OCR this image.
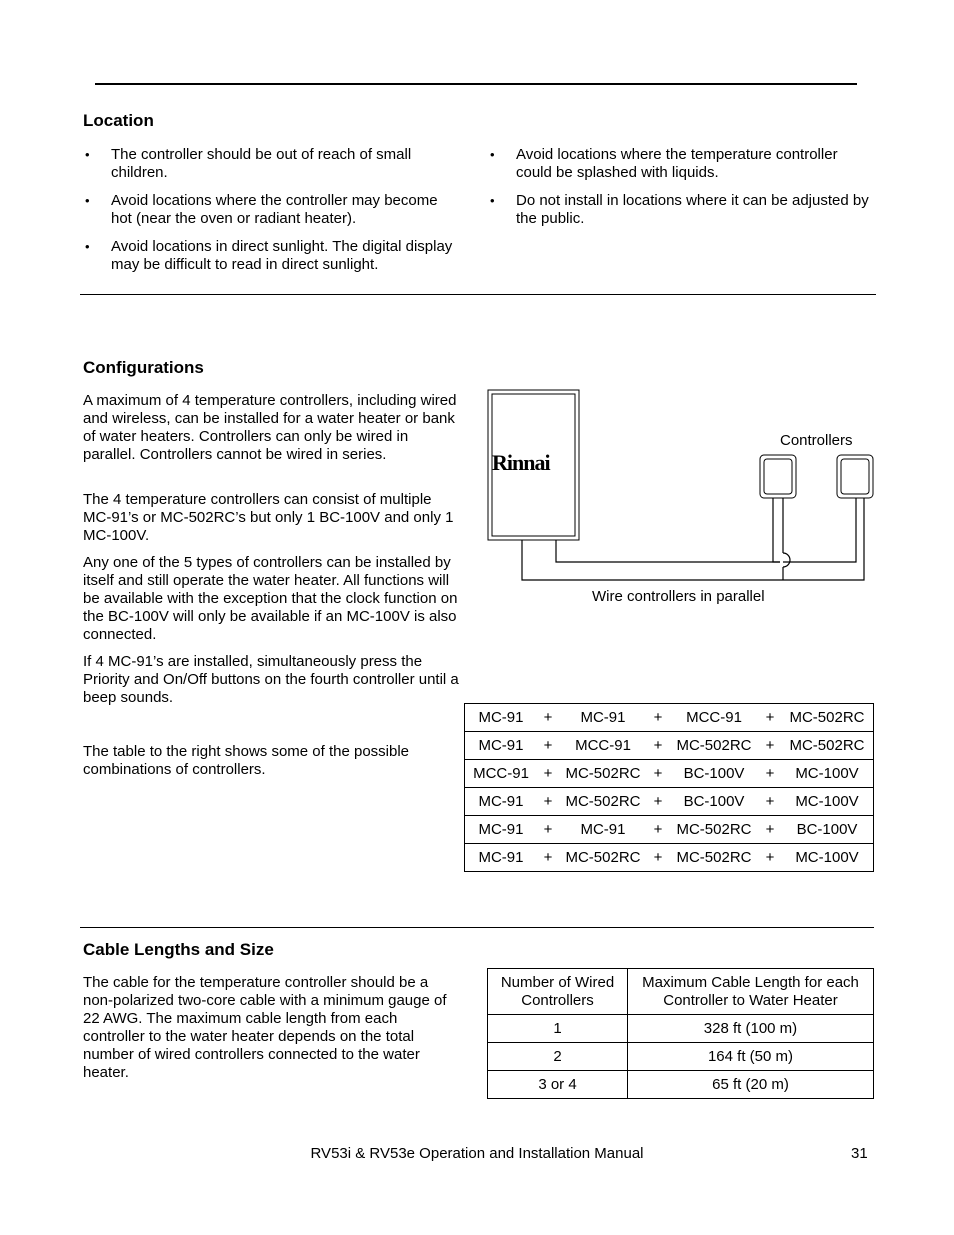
Location
• The controller should be out of reach of small children.
• Avoid locations where the controller may become hot (near the oven or radiant heater).
• Avoid locations in direct sunlight. The digital display may be difficult to read in direct sunlight.
• Avoid locations where the temperature controller could be splashed with liquids.
• Do not install in locations where it can be adjusted by the public.
Configurations

A maximum of 4 temperature controllers, including wired and wireless, can be installed for a water heater or bank of water heaters. Controllers can only be wired in parallel. Controllers cannot be wired in series.

The 4 temperature controllers can consist of multiple MC-91’s or MC-502RC’s but only 1 BC-100V and only 1 MC-100V.

Any one of the 5 types of controllers can be installed by itself and still operate the water heater. All functions will be available with the exception that the clock function on the BC-100V will only be available if an MC-100V is also connected.

If 4 MC-91’s are installed, simultaneously press the Priority and On/Off buttons on the fourth controller until a beep sounds.

The table to the right shows some of the possible combinations of controllers.

Rinnai
Controllers
Wire controllers in parallel
MC-91	+	MC-91	+	MCC-91	+	MC-502RC
MC-91	+	MCC-91	+	MC-502RC	+	MC-502RC
MCC-91	+	MC-502RC	+	BC-100V	+	MC-100V
MC-91	+	MC-502RC	+	BC-100V	+	MC-100V
MC-91	+	MC-91	+	MC-502RC	+	BC-100V
MC-91	+	MC-502RC	+	MC-502RC	+	MC-100V
Cable Lengths and Size

The cable for the temperature controller should be a non-polarized two-core cable with a minimum gauge of 22 AWG. The maximum cable length from each controller to the water heater depends on the total number of wired controllers connected to the water heater.

Number of Wired Controllers	Maximum Cable Length for each Controller to Water Heater
1	328 ft (100 m)
2	164 ft (50 m)
3 or 4	65 ft (20 m)
RV53i & RV53e Operation and Installation Manual	31
